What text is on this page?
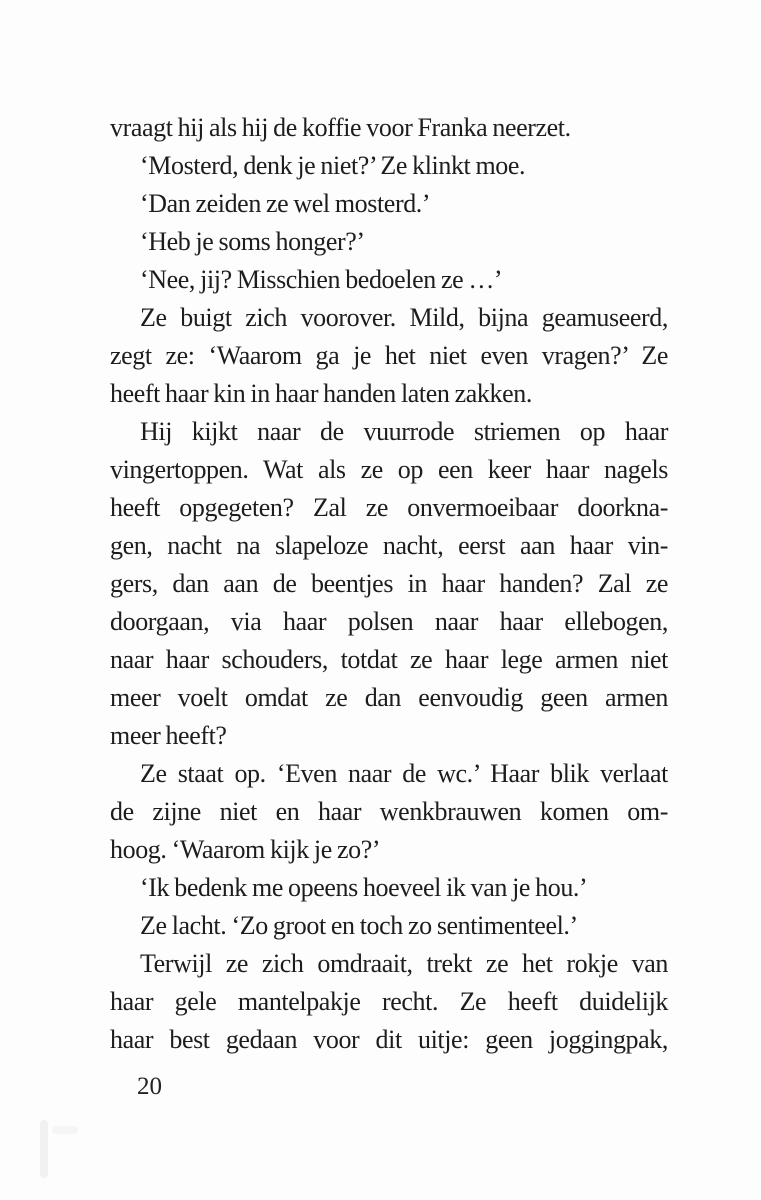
vraagt hij als hij de koffie voor Franka neerzet.
‘Mosterd, denk je niet?’ Ze klinkt moe.
‘Dan zeiden ze wel mosterd.’
‘Heb je soms honger?’
‘Nee, jij? Misschien bedoelen ze …’
Ze buigt zich voorover. Mild, bijna geamuseerd,
zegt ze: ‘Waarom ga je het niet even vragen?’ Ze
heeft haar kin in haar handen laten zakken.
Hij kijkt naar de vuurrode striemen op haar
vingertoppen. Wat als ze op een keer haar nagels
heeft opgegeten? Zal ze onvermoeibaar doorkna-
gen, nacht na slapeloze nacht, eerst aan haar vin-
gers, dan aan de beentjes in haar handen? Zal ze
doorgaan, via haar polsen naar haar ellebogen,
naar haar schouders, totdat ze haar lege armen niet
meer voelt omdat ze dan eenvoudig geen armen
meer heeft?
Ze staat op. ‘Even naar de wc.’ Haar blik verlaat
de zijne niet en haar wenkbrauwen komen om-
hoog. ‘Waarom kijk je zo?’
‘Ik bedenk me opeens hoeveel ik van je hou.’
Ze lacht. ‘Zo groot en toch zo sentimenteel.’
Terwijl ze zich omdraait, trekt ze het rokje van
haar gele mantelpakje recht. Ze heeft duidelijk
haar best gedaan voor dit uitje: geen joggingpak,
20
